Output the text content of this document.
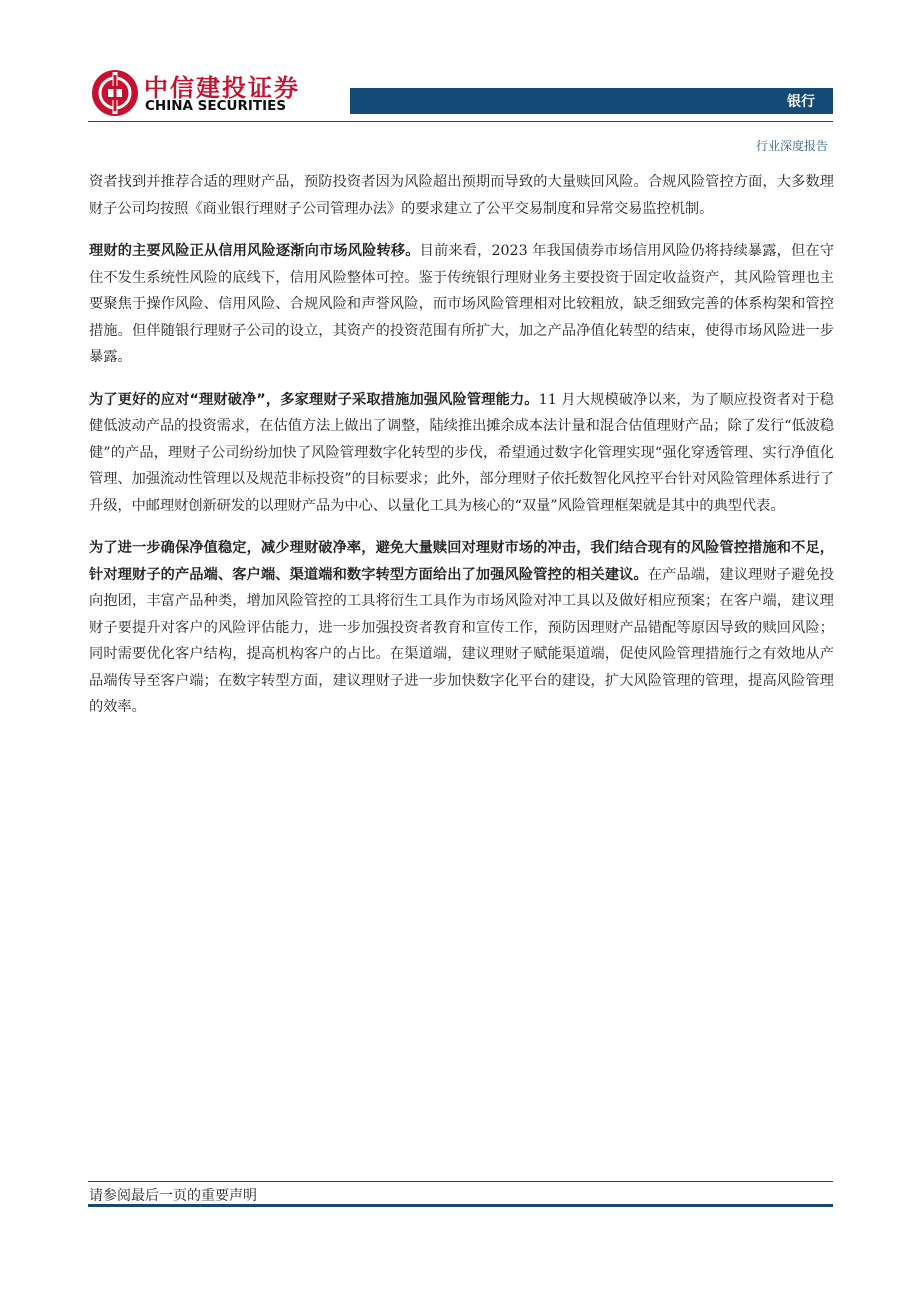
中信建投证券
CHINA SECURITIES	银行
行业深度报告

资者找到并推荐合适的理财产品，预防投资者因为风险超出预期而导致的大量赎回风险。合规风险管控方面，大多数理财子公司均按照《商业银行理财子公司管理办法》的要求建立了公平交易制度和异常交易监控机制。

理财的主要风险正从信用风险逐渐向市场风险转移。目前来看，2023 年我国债券市场信用风险仍将持续暴露，但在守住不发生系统性风险的底线下，信用风险整体可控。鉴于传统银行理财业务主要投资于固定收益资产，其风险管理也主要聚焦于操作风险、信用风险、合规风险和声誉风险，而市场风险管理相对比较粗放，缺乏细致完善的体系构架和管控措施。但伴随银行理财子公司的设立，其资产的投资范围有所扩大，加之产品净值化转型的结束，使得市场风险进一步暴露。

为了更好的应对“理财破净”，多家理财子采取措施加强风险管理能力。11 月大规模破净以来，为了顺应投资者对于稳健低波动产品的投资需求，在估值方法上做出了调整，陆续推出摊余成本法计量和混合估值理财产品；除了发行“低波稳健”的产品，理财子公司纷纷加快了风险管理数字化转型的步伐，希望通过数字化管理实现“强化穿透管理、实行净值化管理、加强流动性管理以及规范非标投资”的目标要求；此外，部分理财子依托数智化风控平台针对风险管理体系进行了升级，中邮理财创新研发的以理财产品为中心、以量化工具为核心的“双量”风险管理框架就是其中的典型代表。

为了进一步确保净值稳定，减少理财破净率，避免大量赎回对理财市场的冲击，我们结合现有的风险管控措施和不足，针对理财子的产品端、客户端、渠道端和数字转型方面给出了加强风险管控的相关建议。在产品端，建议理财子避免投向抱团，丰富产品种类，增加风险管控的工具将衍生工具作为市场风险对冲工具以及做好相应预案；在客户端，建议理财子要提升对客户的风险评估能力，进一步加强投资者教育和宣传工作，预防因理财产品错配等原因导致的赎回风险；同时需要优化客户结构，提高机构客户的占比。在渠道端，建议理财子赋能渠道端，促使风险管理措施行之有效地从产品端传导至客户端；在数字转型方面，建议理财子进一步加快数字化平台的建设，扩大风险管理的管理，提高风险管理的效率。

请参阅最后一页的重要声明
